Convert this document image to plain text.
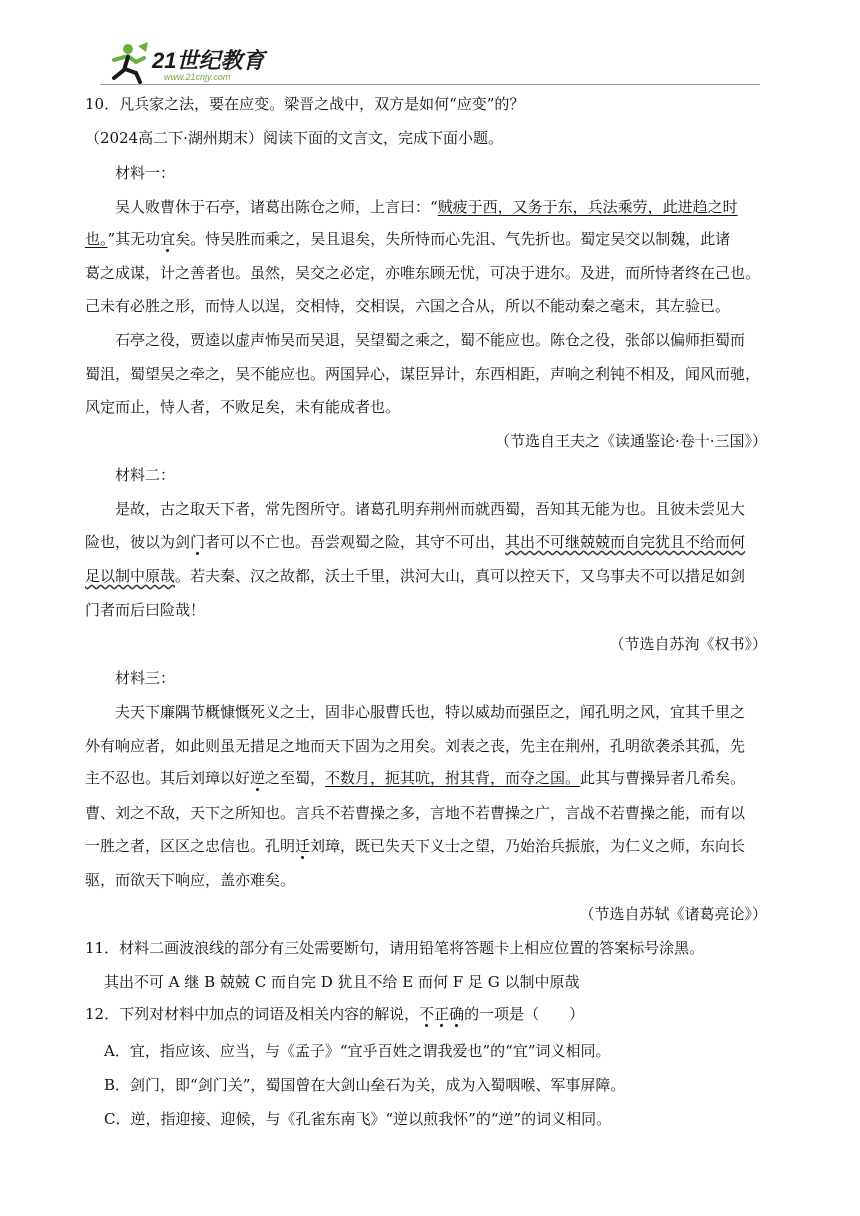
21世纪教育
www.21cnjy.com
10．凡兵家之法，要在应变。梁晋之战中，双方是如何“应变”的？
（2024高二下·湖州期末）阅读下面的文言文，完成下面小题。
材料一：
吴人败曹休于石亭，诸葛出陈仓之师，上言曰：“贼疲于西，又务于东，兵法乘劳，此进趋之时
也。”其无功宜矣。恃吴胜而乘之，吴且退矣，失所恃而心先沮、气先折也。蜀定吴交以制魏，此诸
葛之成谋，计之善者也。虽然，吴交之必定，亦唯东顾无忧，可决于进尔。及进，而所恃者终在己也。
己未有必胜之形，而恃人以逞，交相恃，交相误，六国之合从，所以不能动秦之毫末，其左验已。
石亭之役，贾逵以虚声怖吴而吴退，吴望蜀之乘之，蜀不能应也。陈仓之役，张郃以偏师拒蜀而
蜀沮，蜀望吴之牵之，吴不能应也。两国异心，谋臣异计，东西相距，声响之利钝不相及，闻风而驰，
风定而止，恃人者，不败足矣，未有能成者也。
（节选自王夫之《读通鉴论·卷十·三国》）
材料二：
是故，古之取天下者，常先图所守。诸葛孔明弃荆州而就西蜀，吾知其无能为也。且彼未尝见大
险也，彼以为剑门者可以不亡也。吾尝观蜀之险，其守不可出，其出不可继兢兢而自完犹且不给而何
足以制中原哉。若夫秦、汉之故都，沃土千里，洪河大山，真可以控天下，又乌事夫不可以措足如剑
门者而后曰险哉！
（节选自苏洵《权书》）
材料三：
夫天下廉隅节概慷慨死义之士，固非心服曹氏也，特以威劫而强臣之，闻孔明之风，宜其千里之
外有响应者，如此则虽无措足之地而天下固为之用矣。刘表之丧，先主在荆州，孔明欲袭杀其孤，先
主不忍也。其后刘璋以好逆之至蜀，不数月，扼其吭，拊其背，而夺之国。此其与曹操异者几希矣。
曹、刘之不敌，天下之所知也。言兵不若曹操之多，言地不若曹操之广，言战不若曹操之能，而有以
一胜之者，区区之忠信也。孔明迁刘璋，既已失天下义士之望，乃始治兵振旅，为仁义之师，东向长
驱，而欲天下响应，盖亦难矣。
（节选自苏轼《诸葛亮论》）
11．材料二画波浪线的部分有三处需要断句，请用铅笔将答题卡上相应位置的答案标号涂黑。
其出不可 A 继 B 兢兢 C 而自完 D 犹且不给 E 而何 F 足 G 以制中原哉
12．下列对材料中加点的词语及相关内容的解说，不正确的一项是（　　）
A．宜，指应该、应当，与《孟子》“宜乎百姓之谓我爱也”的“宜”词义相同。
B．剑门，即“剑门关”，蜀国曾在大剑山垒石为关，成为入蜀咽喉、军事屏障。
C．逆，指迎接、迎候，与《孔雀东南飞》“逆以煎我怀”的“逆”的词义相同。
